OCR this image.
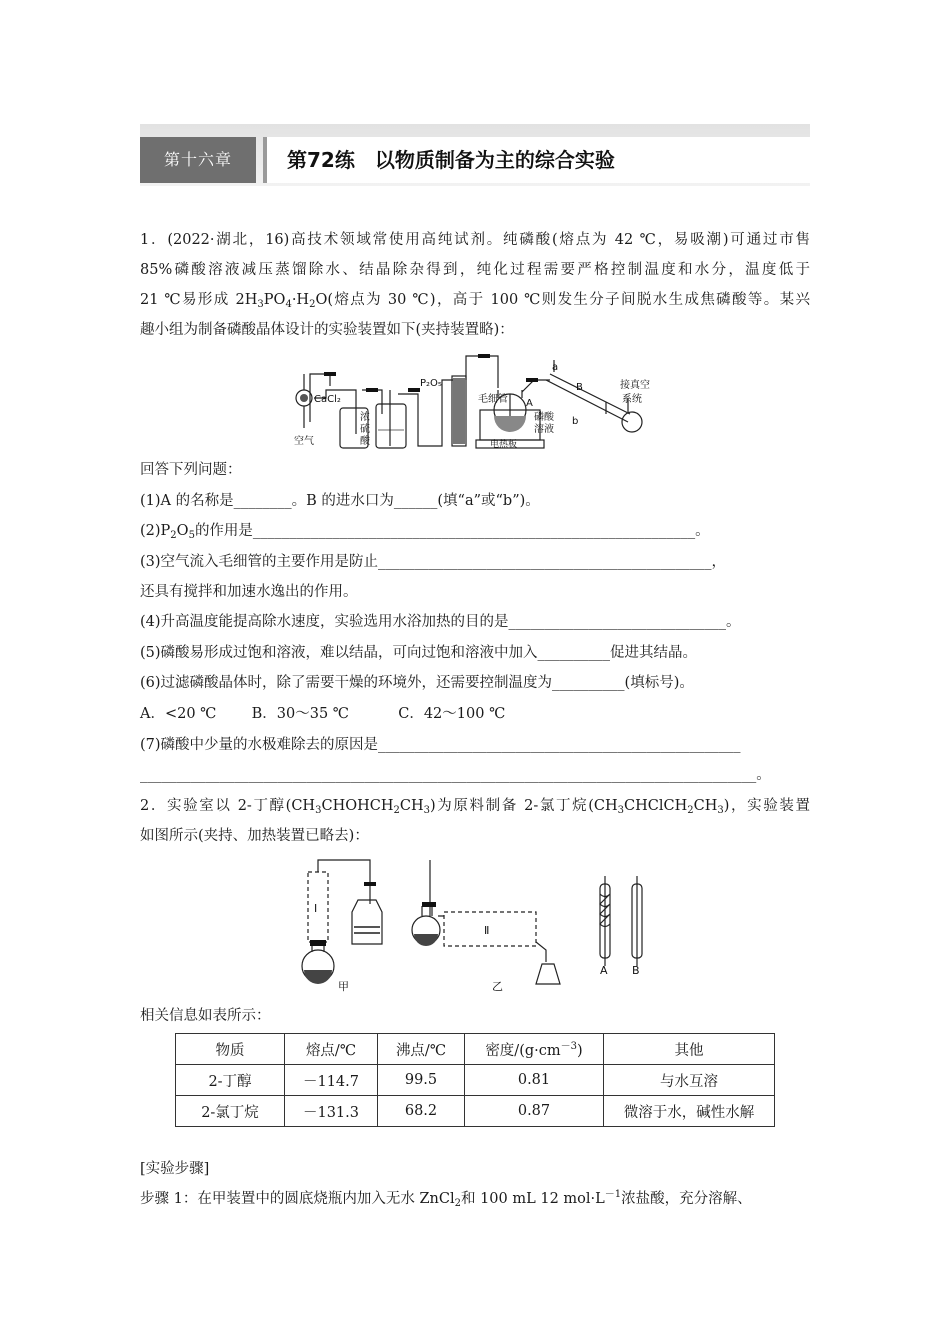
第十六章	第72练　以物质制备为主的综合实验
1．(2022·湖北，16)高技术领域常使用高纯试剂。纯磷酸(熔点为 42 ℃，易吸潮)可通过市售
85%磷酸溶液减压蒸馏除水、结晶除杂得到，纯化过程需要严格控制温度和水分，温度低于
21 ℃易形成 $2H_3PO_4\cdot H_2O$(熔点为 30 ℃)，高于 100 ℃则发生分子间脱水生成焦磷酸等。某兴
趣小组为制备磷酸晶体设计的实验装置如下(夹持装置略)：
CaCl₂
空气
浓
硫
酸
P₂O₅
毛细管 A
磷酸
溶液
电热板
a
B
b
接真空
系统
回答下列问题：
(1)A 的名称是________。B 的进水口为______(填“a”或“b”)。
$(2)P_2O_5$的作用是_____________________________________________________________。
(3)空气流入毛细管的主要作用是防止______________________________________________，
还具有搅拌和加速水逸出的作用。
(4)升高温度能提高除水速度，实验选用水浴加热的目的是______________________________。
(5)磷酸易形成过饱和溶液，难以结晶，可向过饱和溶液中加入__________促进其结晶。
(6)过滤磷酸晶体时，除了需要干燥的环境外，还需要控制温度为__________(填标号)。
A．<20 ℃ B．30～35 ℃	C．42～100 ℃
(7)磷酸中少量的水极难除去的原因是__________________________________________________
_____________________________________________________________________________________。
2．实验室以 2-丁醇$(CH_3CHOHCH_2CH_3)$为原料制备 2-氯丁烷$(CH_3CHClCH_2CH_3)$，实验装置
如图所示(夹持、加热装置已略去)：
Ⅰ
甲
Ⅱ
乙
A B
相关信息如表所示：
物质	熔点/℃	沸点/℃	密度$/(g\cdot cm^{-3})$	其他
2-丁醇	－114.7	99.5	0.81	与水互溶
2-氯丁烷	－131.3	68.2	0.87	微溶于水，碱性水解
[实验步骤]
步骤 1：在甲装置中的圆底烧瓶内加入无水 ZnCl$_2$和 100 mL 12 $mol\cdot L^{-1}$浓盐酸，充分溶解、
